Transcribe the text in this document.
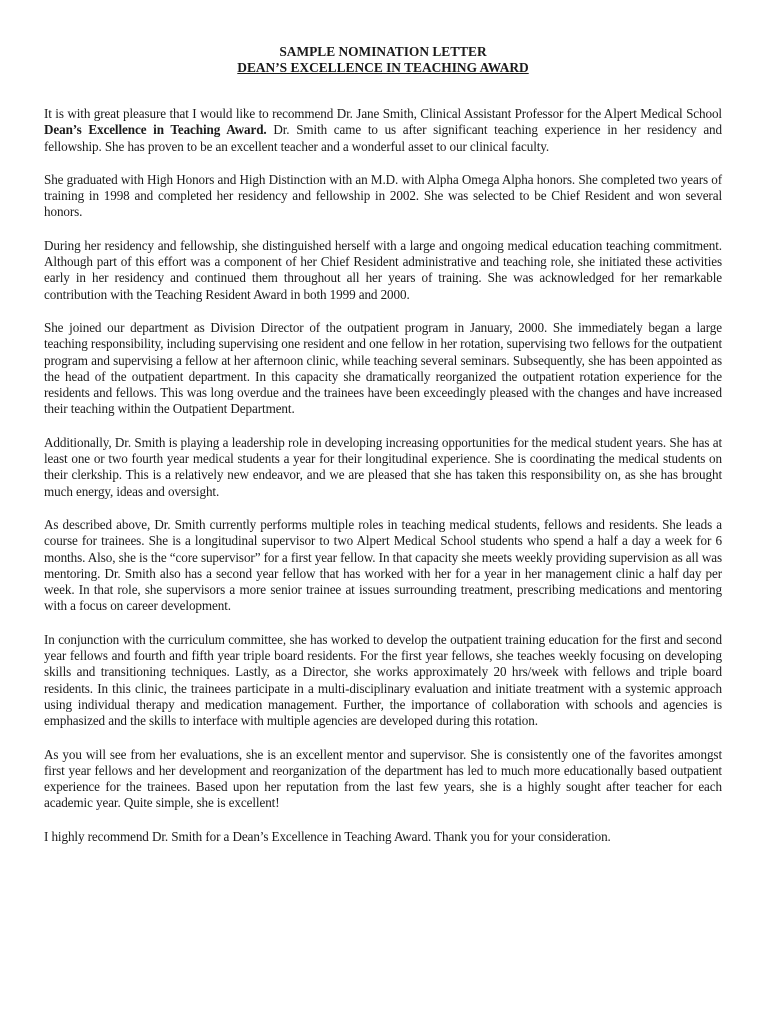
SAMPLE NOMINATION LETTER
DEAN’S EXCELLENCE IN TEACHING AWARD

It is with great pleasure that I would like to recommend Dr. Jane Smith, Clinical Assistant Professor for the Alpert Medical School Dean’s Excellence in Teaching Award. Dr. Smith came to us after significant teaching experience in her residency and fellowship. She has proven to be an excellent teacher and a wonderful asset to our clinical faculty.

She graduated with High Honors and High Distinction with an M.D. with Alpha Omega Alpha honors. She completed two years of training in 1998 and completed her residency and fellowship in 2002. She was selected to be Chief Resident and won several honors.

During her residency and fellowship, she distinguished herself with a large and ongoing medical education teaching commitment. Although part of this effort was a component of her Chief Resident administrative and teaching role, she initiated these activities early in her residency and continued them throughout all her years of training. She was acknowledged for her remarkable contribution with the Teaching Resident Award in both 1999 and 2000.

She joined our department as Division Director of the outpatient program in January, 2000. She immediately began a large teaching responsibility, including supervising one resident and one fellow in her rotation, supervising two fellows for the outpatient program and supervising a fellow at her afternoon clinic, while teaching several seminars. Subsequently, she has been appointed as the head of the outpatient department. In this capacity she dramatically reorganized the outpatient rotation experience for the residents and fellows. This was long overdue and the trainees have been exceedingly pleased with the changes and have increased their teaching within the Outpatient Department.

Additionally, Dr. Smith is playing a leadership role in developing increasing opportunities for the medical student years. She has at least one or two fourth year medical students a year for their longitudinal experience. She is coordinating the medical students on their clerkship. This is a relatively new endeavor, and we are pleased that she has taken this responsibility on, as she has brought much energy, ideas and oversight.

As described above, Dr. Smith currently performs multiple roles in teaching medical students, fellows and residents. She leads a course for trainees. She is a longitudinal supervisor to two Alpert Medical School students who spend a half a day a week for 6 months. Also, she is the “core supervisor” for a first year fellow. In that capacity she meets weekly providing supervision as all was mentoring. Dr. Smith also has a second year fellow that has worked with her for a year in her management clinic a half day per week. In that role, she supervisors a more senior trainee at issues surrounding treatment, prescribing medications and mentoring with a focus on career development.

In conjunction with the curriculum committee, she has worked to develop the outpatient training education for the first and second year fellows and fourth and fifth year triple board residents. For the first year fellows, she teaches weekly focusing on developing skills and transitioning techniques. Lastly, as a Director, she works approximately 20 hrs/week with fellows and triple board residents. In this clinic, the trainees participate in a multi-disciplinary evaluation and initiate treatment with a systemic approach using individual therapy and medication management. Further, the importance of collaboration with schools and agencies is emphasized and the skills to interface with multiple agencies are developed during this rotation.

As you will see from her evaluations, she is an excellent mentor and supervisor. She is consistently one of the favorites amongst first year fellows and her development and reorganization of the department has led to much more educationally based outpatient experience for the trainees. Based upon her reputation from the last few years, she is a highly sought after teacher for each academic year. Quite simple, she is excellent!

I highly recommend Dr. Smith for a Dean’s Excellence in Teaching Award. Thank you for your consideration.
